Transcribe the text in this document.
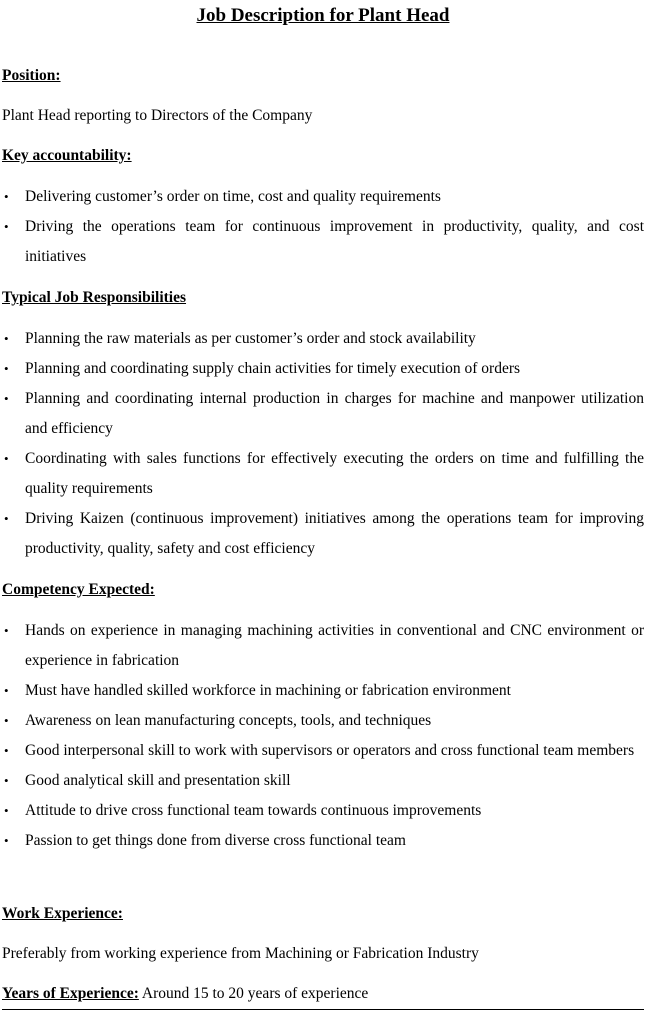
Job Description for Plant Head
Position:
Plant Head reporting to Directors of the Company
Key accountability:
• Delivering customer’s order on time, cost and quality requirements
• Driving the operations team for continuous improvement in productivity, quality, and cost initiatives
Typical Job Responsibilities
• Planning the raw materials as per customer’s order and stock availability
• Planning and coordinating supply chain activities for timely execution of orders
• Planning and coordinating internal production in charges for machine and manpower utilization and efficiency
• Coordinating with sales functions for effectively executing the orders on time and fulfilling the quality requirements
• Driving Kaizen (continuous improvement) initiatives among the operations team for improving productivity, quality, safety and cost efficiency
Competency Expected:
• Hands on experience in managing machining activities in conventional and CNC environment or experience in fabrication
• Must have handled skilled workforce in machining or fabrication environment
• Awareness on lean manufacturing concepts, tools, and techniques
• Good interpersonal skill to work with supervisors or operators and cross functional team members
• Good analytical skill and presentation skill
• Attitude to drive cross functional team towards continuous improvements
• Passion to get things done from diverse cross functional team
Work Experience:
Preferably from working experience from Machining or Fabrication Industry
Years of Experience: Around 15 to 20 years of experience
